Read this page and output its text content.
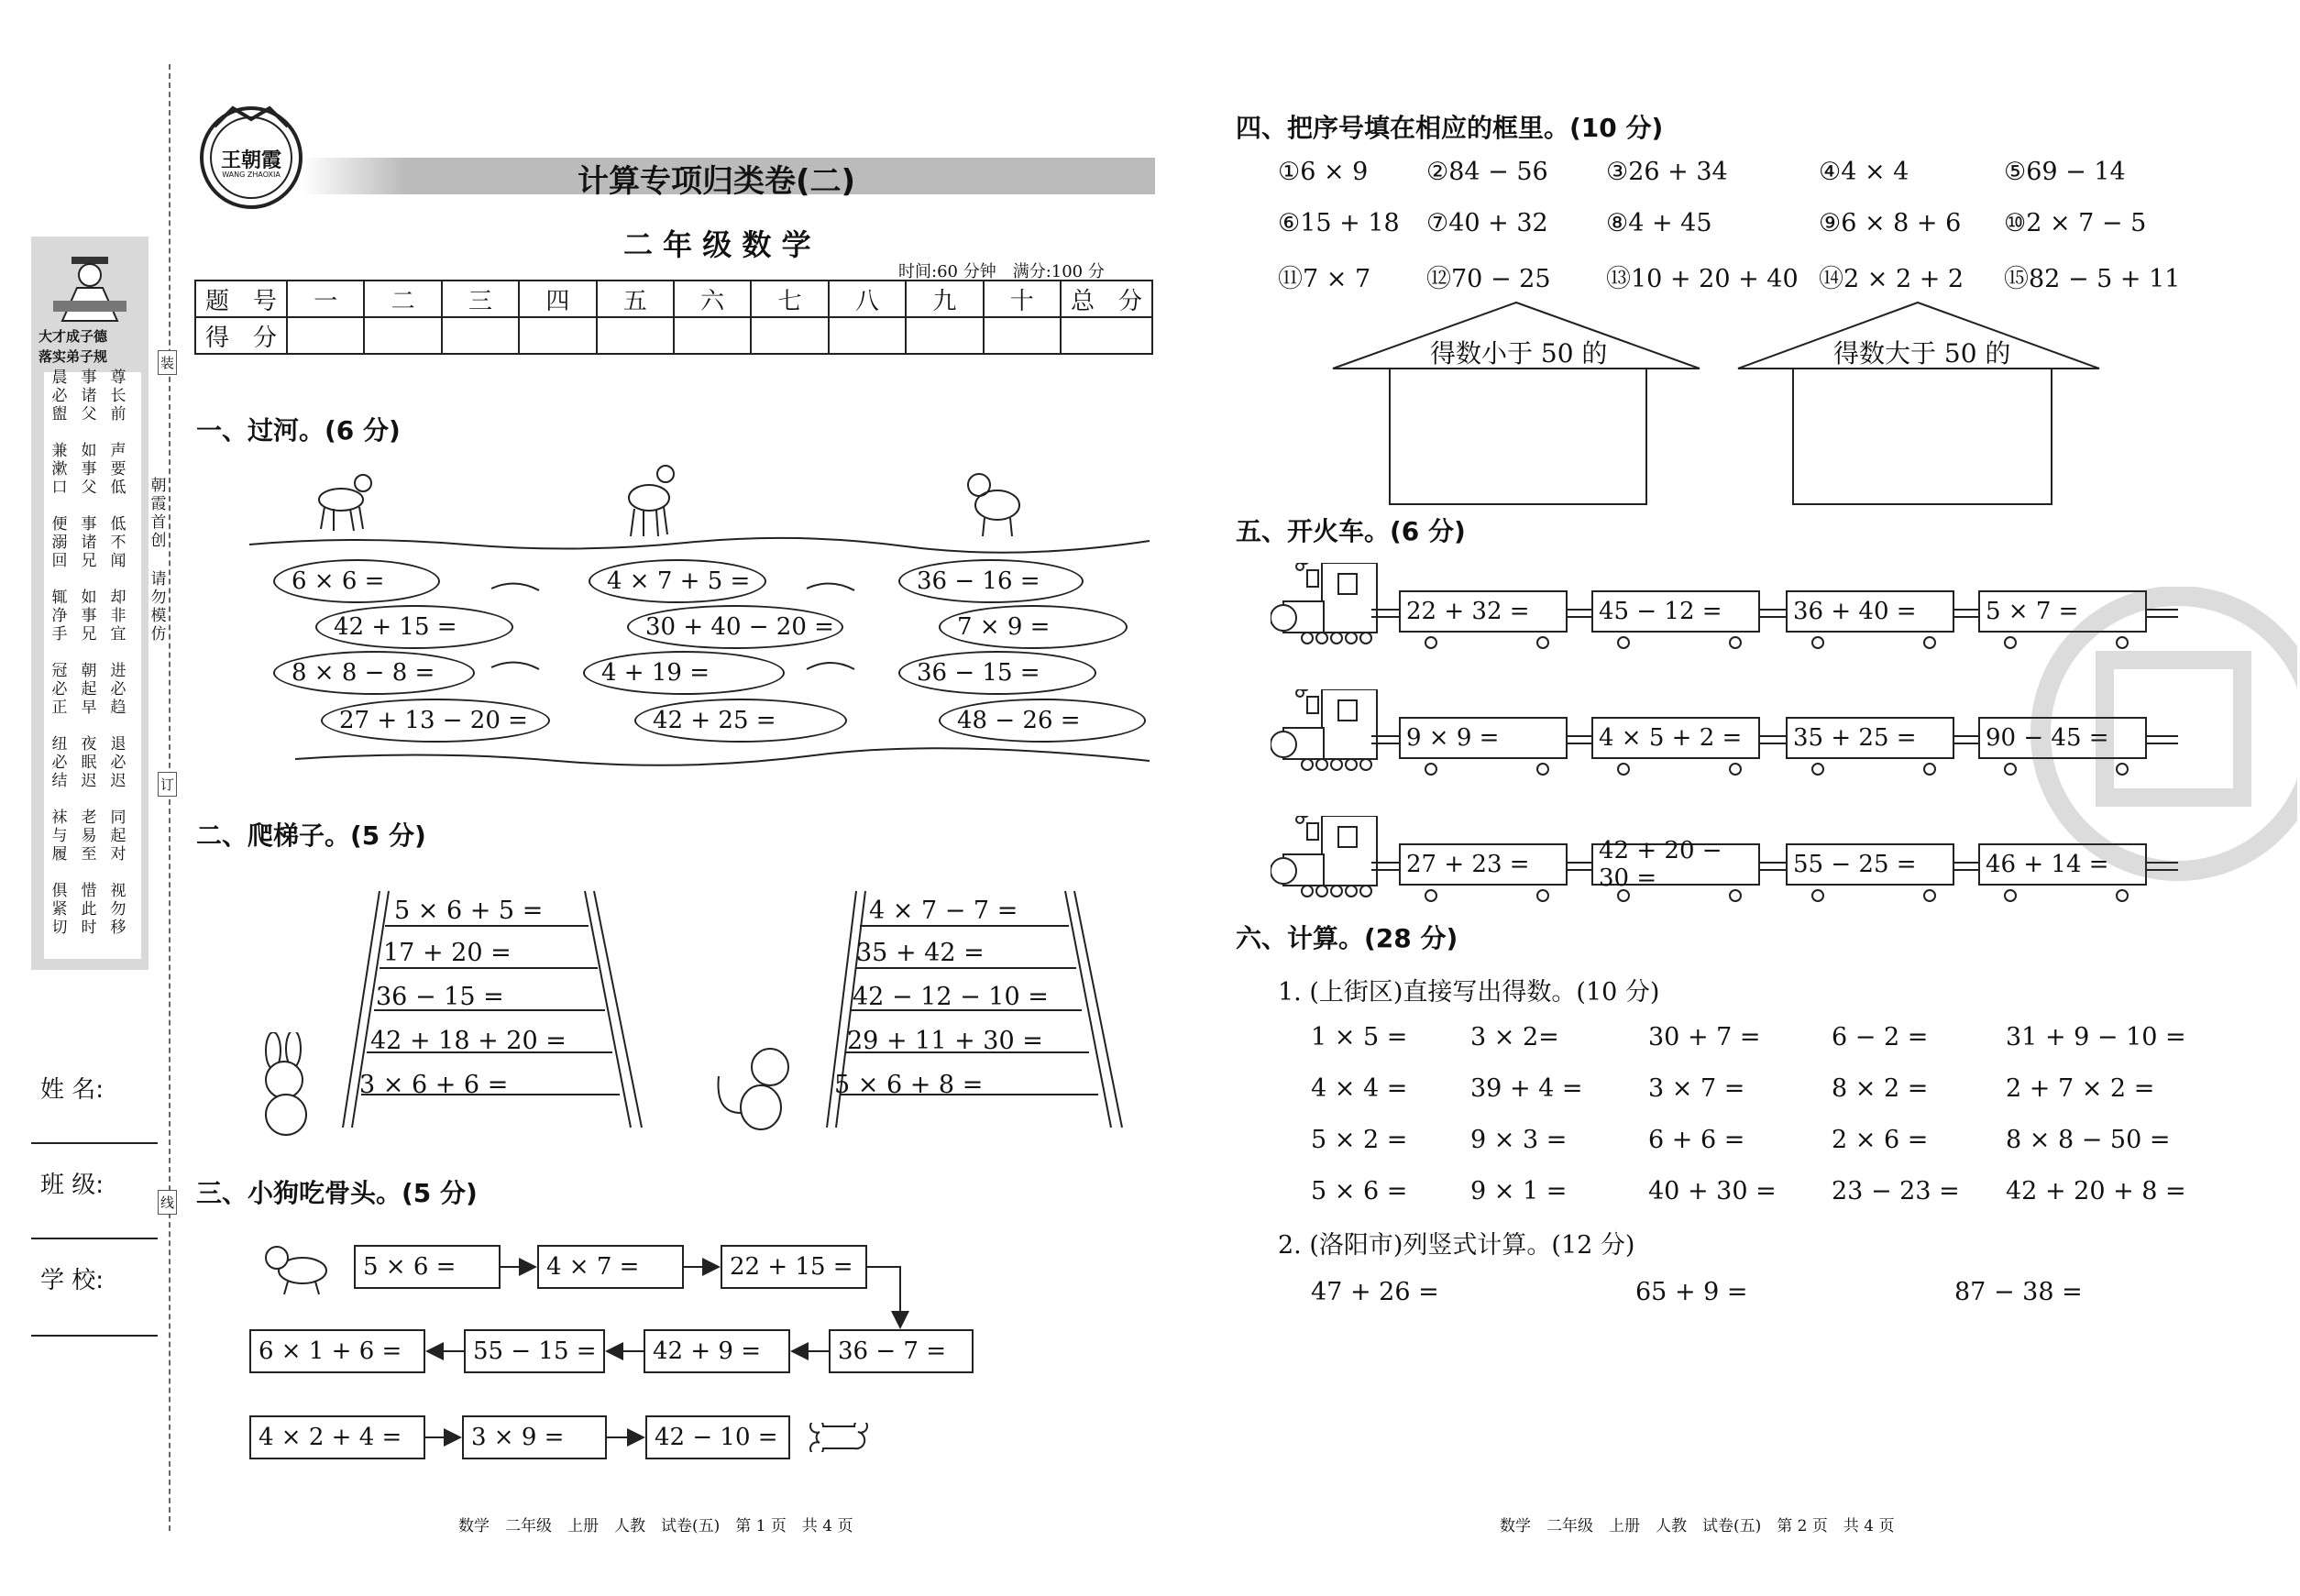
大才成子德
落实弟子规
晨必盥
事诸父
尊长前
兼漱口
如事父
声要低
便溺回
事诸兄
低不闻
辄净手
如事兄
却非宜
冠必正
朝起早
进必趋
纽必结
夜眠迟
退必迟
袜与履
老易至
同起对
俱紧切
惜此时
视勿移
装
订
线
朝霞首创
请勿模仿
姓 名:
班 级:
学 校:
王朝霞
WANG ZHAOXIA	计算专项归类卷(二)
二 年 级 数 学
时间:60 分钟　满分:100 分
题　号	一	二	三	四	五	六	七	八	九	十	总　分
得　分											
一、过河。(6 分)
6 × 6 =	4 × 7 + 5 =	36 − 16 =
42 + 15 =	30 + 40 − 20 =	7 × 9 =
8 × 8 − 8 =	4 + 19 =	36 − 15 =
27 + 13 − 20 =	42 + 25 =	48 − 26 =
二、爬梯子。(5 分)
5 × 6 + 5 =
17 + 20 =
36 − 15 =
42 + 18 + 20 =
3 × 6 + 6 =
4 × 7 − 7 =
35 + 42 =
42 − 12 − 10 =
29 + 11 + 30 =
5 × 6 + 8 =
三、小狗吃骨头。(5 分)
5 × 6 =	4 × 7 =	22 + 15 =
6 × 1 + 6 =	55 − 15 =	42 + 9 =	36 − 7 =
4 × 2 + 4 =	3 × 9 =	42 − 10 =
数学　二年级　上册　人教　试卷(五)　第 1 页　共 4 页
四、把序号填在相应的框里。(10 分)
①6 × 9 ②84 − 56 ③26 + 34	④4 × 4	⑤69 − 14
⑥15 + 18 ⑦40 + 32 ⑧4 + 45	⑨6 × 8 + 6 ⑩2 × 7 − 5
⑪7 × 7 ⑫70 − 25 ⑬10 + 20 + 40 ⑭2 × 2 + 2 ⑮82 − 5 + 11
得数小于 50 的	得数大于 50 的
五、开火车。(6 分)
22 + 32 =	45 − 12 =	36 + 40 =	5 × 7 =
9 × 9 =	4 × 5 + 2 =	35 + 25 =	90 − 45 =
27 + 23 =	42 + 20 − 30 =	55 − 25 =	46 + 14 =
六、计算。(28 分)
1. (上街区)直接写出得数。(10 分)
1 × 5 =	3 × 2=	30 + 7 =	6 − 2 =	31 + 9 − 10 =
4 × 4 =	39 + 4 =	3 × 7 =	8 × 2 =	2 + 7 × 2 =
5 × 2 =	9 × 3 =	6 + 6 =	2 × 6 =	8 × 8 − 50 =
5 × 6 =	9 × 1 =	40 + 30 = 23 − 23 = 42 + 20 + 8 =
2. (洛阳市)列竖式计算。(12 分)
47 + 26 =	65 + 9 =	87 − 38 =
数学　二年级　上册　人教　试卷(五)　第 2 页　共 4 页
